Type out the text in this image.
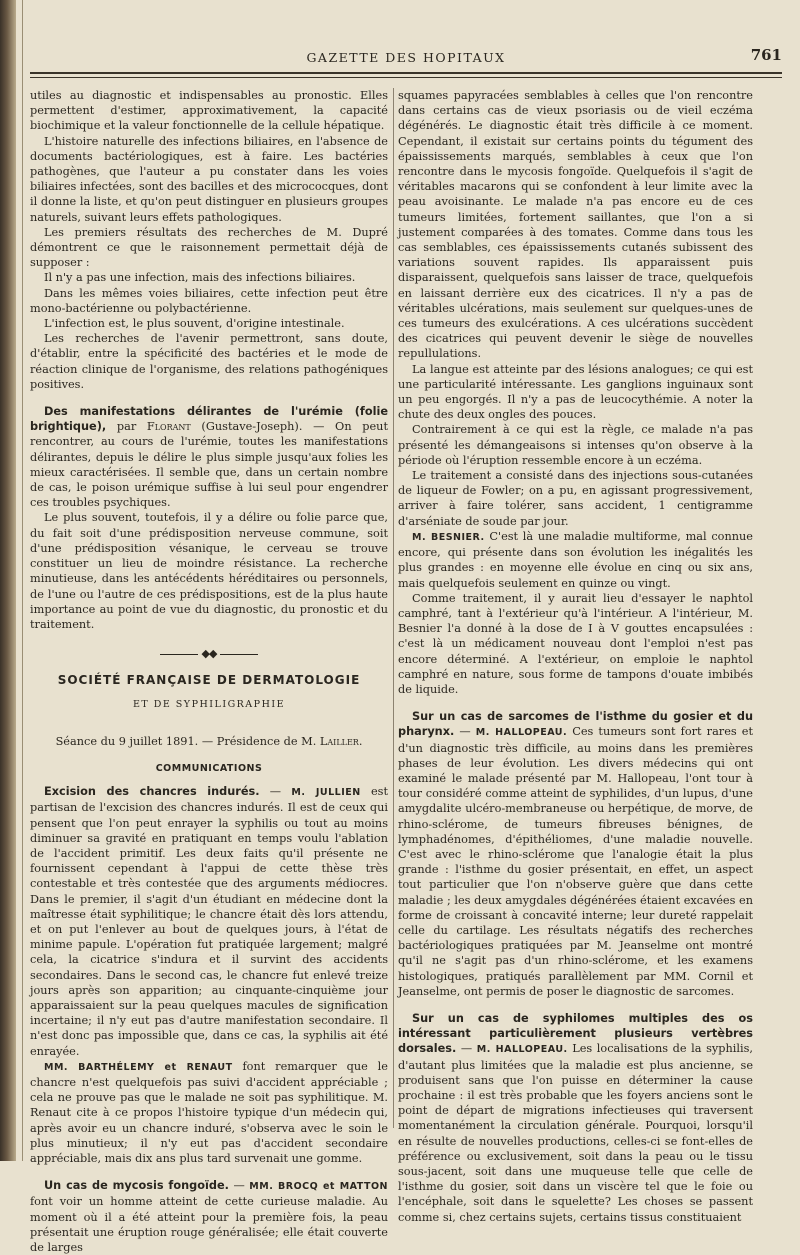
GAZETTE DES HOPITAUX	761

utiles au diagnostic et indispensables au pronostic. Elles permettent d'estimer, approximativement, la capacité biochimique et la valeur fonctionnelle de la cellule hépatique.

L'histoire naturelle des infections biliaires, en l'absence de documents bactériologiques, est à faire. Les bactéries pathogènes, que l'auteur a pu constater dans les voies biliaires infectées, sont des bacilles et des micrococques, dont il donne la liste, et qu'on peut distinguer en plusieurs groupes naturels, suivant leurs effets pathologiques.

Les premiers résultats des recherches de M. Dupré démontrent ce que le raisonnement permettait déjà de supposer :

Il n'y a pas une infection, mais des infections biliaires.

Dans les mêmes voies biliaires, cette infection peut être mono-bactérienne ou polybactérienne.

L'infection est, le plus souvent, d'origine intestinale.

Les recherches de l'avenir permettront, sans doute, d'établir, entre la spécificité des bactéries et le mode de réaction clinique de l'organisme, des relations pathogéniques positives.

Des manifestations délirantes de l'urémie (folie brightique), par Florant (Gustave-Joseph). — On peut rencontrer, au cours de l'urémie, toutes les manifestations délirantes, depuis le délire le plus simple jusqu'aux folies les mieux caractérisées. Il semble que, dans un certain nombre de cas, le poison urémique suffise à lui seul pour engendrer ces troubles psychiques.

Le plus souvent, toutefois, il y a délire ou folie parce que, du fait soit d'une prédisposition nerveuse commune, soit d'une prédisposition vésanique, le cerveau se trouve constituer un lieu de moindre résistance. La recherche minutieuse, dans les antécédents héréditaires ou personnels, de l'une ou l'autre de ces prédispositions, est de la plus haute importance au point de vue du diagnostic, du pronostic et du traitement.

◆◆
SOCIÉTÉ FRANÇAISE DE DERMATOLOGIE
ET DE SYPHILIGRAPHIE
Séance du 9 juillet 1891. — Présidence de M. Lailler.
COMMUNICATIONS

Excision des chancres indurés. — M. JULLIEN est partisan de l'excision des chancres indurés. Il est de ceux qui pensent que l'on peut enrayer la syphilis ou tout au moins diminuer sa gravité en pratiquant en temps voulu l'ablation de l'accident primitif. Les deux faits qu'il présente ne fournissent cependant à l'appui de cette thèse très contestable et très contestée que des arguments médiocres. Dans le premier, il s'agit d'un étudiant en médecine dont la maîtresse était syphilitique; le chancre était dès lors attendu, et on put l'enlever au bout de quelques jours, à l'état de minime papule. L'opération fut pratiquée largement; malgré cela, la cicatrice s'indura et il survint des accidents secondaires. Dans le second cas, le chancre fut enlevé treize jours après son apparition; au cinquante-cinquième jour apparaissaient sur la peau quelques macules de signification incertaine; il n'y eut pas d'autre manifestation secondaire. Il n'est donc pas impossible que, dans ce cas, la syphilis ait été enrayée.

MM. BARTHÉLEMY et RENAUT font remarquer que le chancre n'est quelquefois pas suivi d'accident appréciable ; cela ne prouve pas que le malade ne soit pas syphilitique. M. Renaut cite à ce propos l'histoire typique d'un médecin qui, après avoir eu un chancre induré, s'observa avec le soin le plus minutieux; il n'y eut pas d'accident secondaire appréciable, mais dix ans plus tard survenait une gomme.

Un cas de mycosis fongoïde. — MM. BROCQ et MATTON font voir un homme atteint de cette curieuse maladie. Au moment où il a été atteint pour la première fois, la peau présentait une éruption rouge généralisée; elle était couverte de larges

squames papyracées semblables à celles que l'on rencontre dans certains cas de vieux psoriasis ou de vieil eczéma dégénérés. Le diagnostic était très difficile à ce moment. Cependant, il existait sur certains points du tégument des épaississements marqués, semblables à ceux que l'on rencontre dans le mycosis fongoïde. Quelquefois il s'agit de véritables macarons qui se confondent à leur limite avec la peau avoisinante. Le malade n'a pas encore eu de ces tumeurs limitées, fortement saillantes, que l'on a si justement comparées à des tomates. Comme dans tous les cas semblables, ces épaississements cutanés subissent des variations souvent rapides. Ils apparaissent puis disparaissent, quelquefois sans laisser de trace, quelquefois en laissant derrière eux des cicatrices. Il n'y a pas de véritables ulcérations, mais seulement sur quelques-unes de ces tumeurs des exulcérations. A ces ulcérations succèdent des cicatrices qui peuvent devenir le siège de nouvelles repullulations.

La langue est atteinte par des lésions analogues; ce qui est une particularité intéressante. Les ganglions inguinaux sont un peu engorgés. Il n'y a pas de leucocythémie. A noter la chute des deux ongles des pouces.

Contrairement à ce qui est la règle, ce malade n'a pas présenté les démangeaisons si intenses qu'on observe à la période où l'éruption ressemble encore à un eczéma.

Le traitement a consisté dans des injections sous-cutanées de liqueur de Fowler; on a pu, en agissant progressivement, arriver à faire tolérer, sans accident, 1 centigramme d'arséniate de soude par jour.

M. BESNIER. C'est là une maladie multiforme, mal connue encore, qui présente dans son évolution les inégalités les plus grandes : en moyenne elle évolue en cinq ou six ans, mais quelquefois seulement en quinze ou vingt.

Comme traitement, il y aurait lieu d'essayer le naphtol camphré, tant à l'extérieur qu'à l'intérieur. A l'intérieur, M. Besnier l'a donné à la dose de I à V gouttes encapsulées : c'est là un médicament nouveau dont l'emploi n'est pas encore déterminé. A l'extérieur, on emploie le naphtol camphré en nature, sous forme de tampons d'ouate imbibés de liquide.

Sur un cas de sarcomes de l'isthme du gosier et du pharynx. — M. HALLOPEAU. Ces tumeurs sont fort rares et d'un diagnostic très difficile, au moins dans les premières phases de leur évolution. Les divers médecins qui ont examiné le malade présenté par M. Hallopeau, l'ont tour à tour considéré comme atteint de syphilides, d'un lupus, d'une amygdalite ulcéro-membraneuse ou herpétique, de morve, de rhino-sclérome, de tumeurs fibreuses bénignes, de lymphadénomes, d'épithéliomes, d'une maladie nouvelle. C'est avec le rhino-sclérome que l'analogie était la plus grande : l'isthme du gosier présentait, en effet, un aspect tout particulier que l'on n'observe guère que dans cette maladie ; les deux amygdales dégénérées étaient excavées en forme de croissant à concavité interne; leur dureté rappelait celle du cartilage. Les résultats négatifs des recherches bactériologiques pratiquées par M. Jeanselme ont montré qu'il ne s'agit pas d'un rhino-sclérome, et les examens histologiques, pratiqués parallèlement par MM. Cornil et Jeanselme, ont permis de poser le diagnostic de sarcomes.

Sur un cas de syphilomes multiples des os intéressant particulièrement plusieurs vertèbres dorsales. — M. HALLOPEAU. Les localisations de la syphilis, d'autant plus limitées que la maladie est plus ancienne, se produisent sans que l'on puisse en déterminer la cause prochaine : il est très probable que les foyers anciens sont le point de départ de migrations infectieuses qui traversent momentanément la circulation générale. Pourquoi, lorsqu'il en résulte de nouvelles productions, celles-ci se font-elles de préférence ou exclusivement, soit dans la peau ou le tissu sous-jacent, soit dans une muqueuse telle que celle de l'isthme du gosier, soit dans un viscère tel que le foie ou l'encéphale, soit dans le squelette? Les choses se passent comme si, chez certains sujets, certains tissus constituaient
